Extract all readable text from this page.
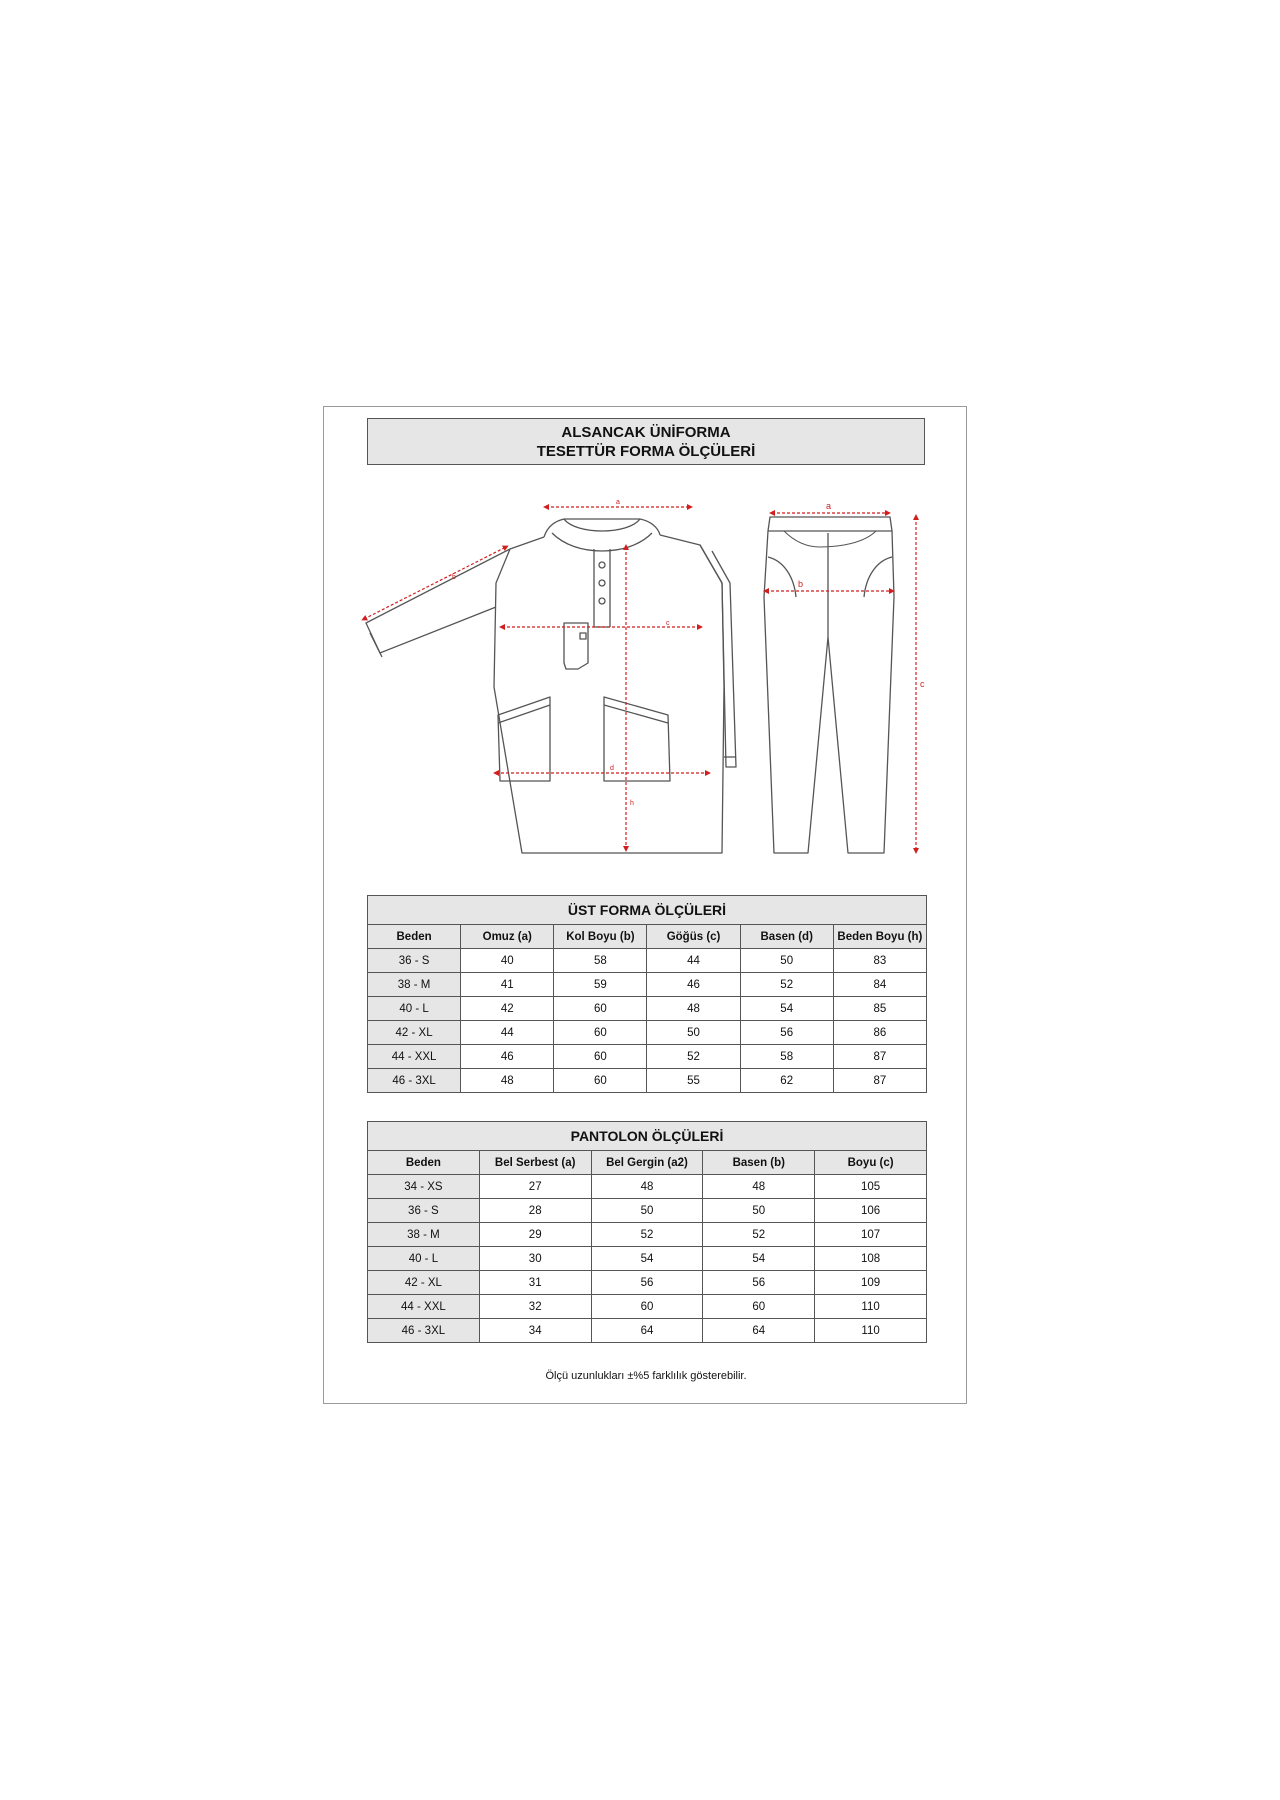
ALSANCAK ÜNİFORMA
TESETTÜR FORMA ÖLÇÜLERİ
a
b
c
d
h
a
b
c
ÜST FORMA ÖLÇÜLERİ
Beden	Omuz (a)	Kol Boyu (b)	Göğüs (c)	Basen (d)	Beden Boyu (h)
36 - S	40	58	44	50	83
38 - M	41	59	46	52	84
40 - L	42	60	48	54	85
42 - XL	44	60	50	56	86
44 - XXL	46	60	52	58	87
46 - 3XL	48	60	55	62	87
PANTOLON ÖLÇÜLERİ
Beden	Bel Serbest (a)	Bel Gergin (a2)	Basen (b)	Boyu (c)
34 - XS	27	48	48	105
36 - S	28	50	50	106
38 - M	29	52	52	107
40 - L	30	54	54	108
42 - XL	31	56	56	109
44 - XXL	32	60	60	110
46 - 3XL	34	64	64	110
Ölçü uzunlukları ±%5 farklılık gösterebilir.
